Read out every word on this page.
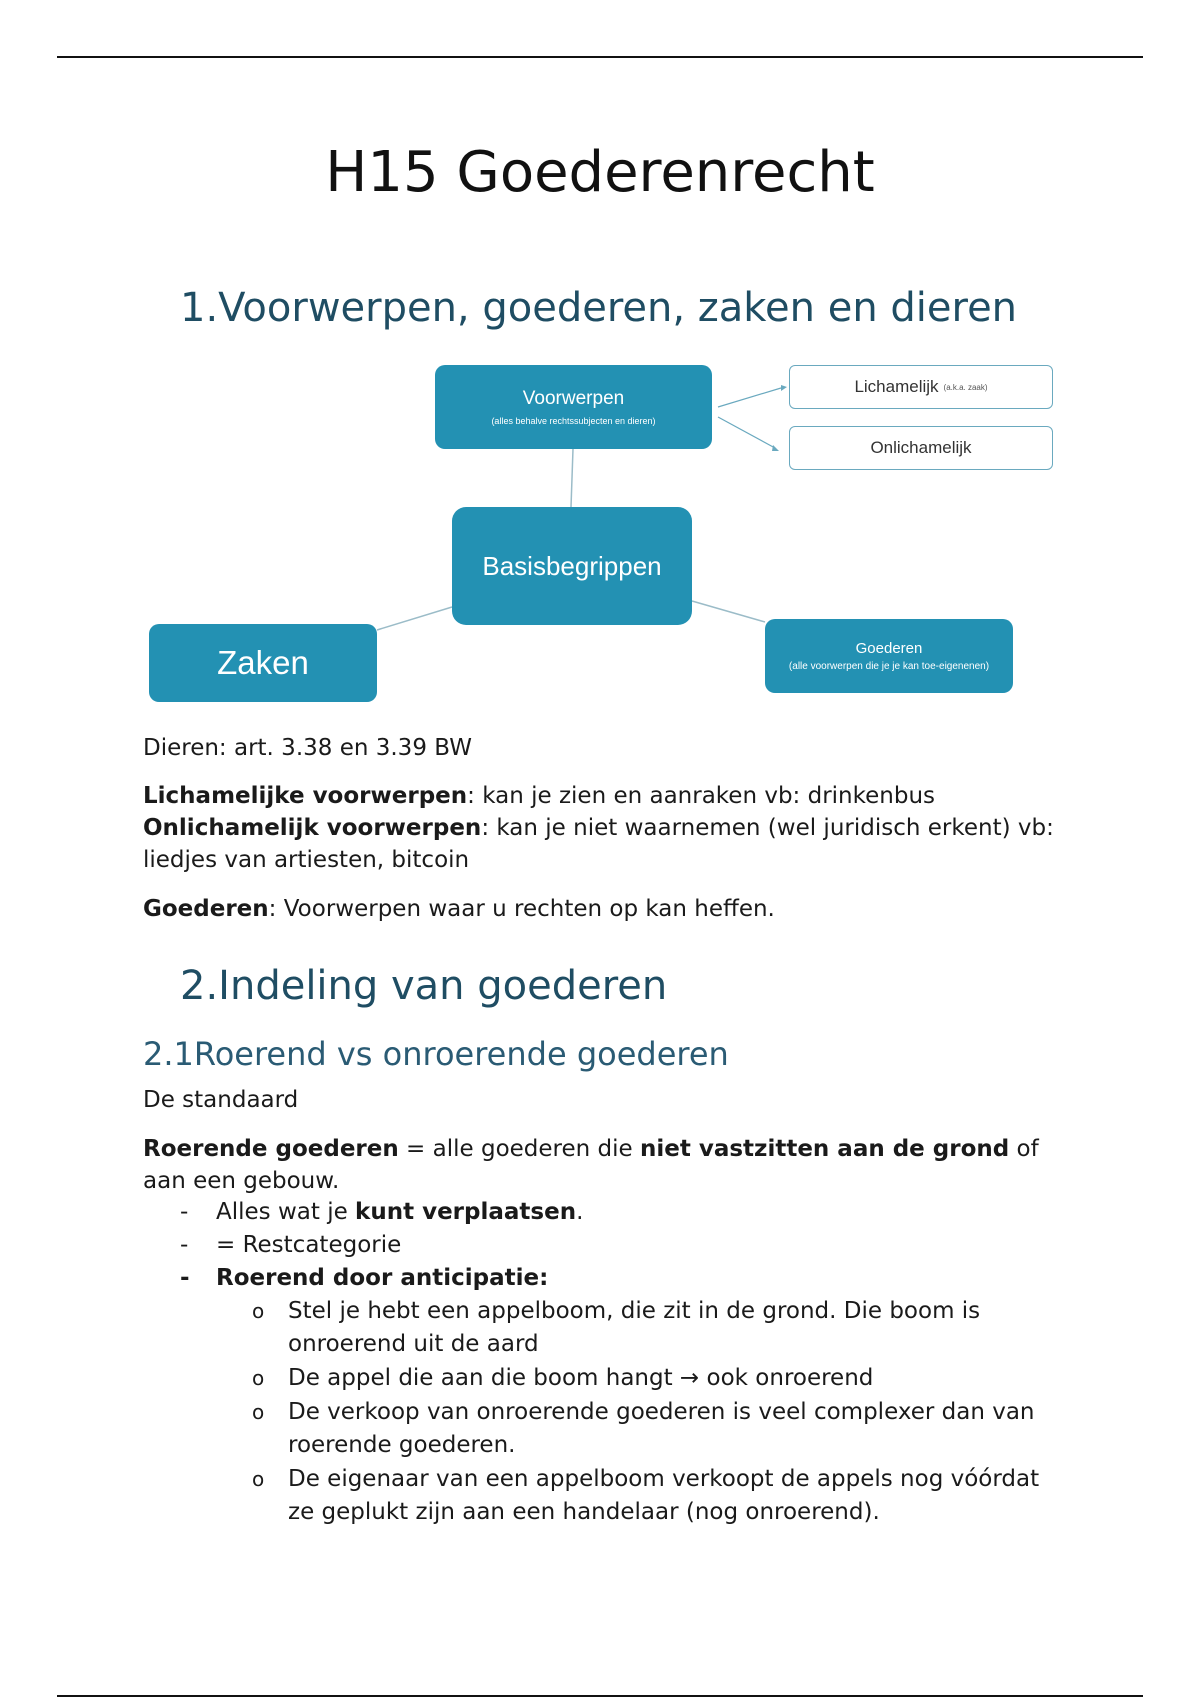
H15 Goederenrecht
1.Voorwerpen, goederen, zaken en dieren
Voorwerpen
(alles behalve rechtssubjecten en dieren)
Lichamelijk (a.k.a. zaak)
Onlichamelijk
Basisbegrippen
Zaken	Goederen
(alle voorwerpen die je je kan toe-eigenenen)

Dieren: art. 3.38 en 3.39 BW

Lichamelijke voorwerpen: kan je zien en aanraken vb: drinkenbus

Onlichamelijk voorwerpen: kan je niet waarnemen (wel juridisch erkent) vb: liedjes van artiesten, bitcoin

Goederen: Voorwerpen waar u rechten op kan heffen.

2.Indeling van goederen
2.1Roerend vs onroerende goederen

De standaard

Roerende goederen = alle goederen die niet vastzitten aan de grond of aan een gebouw.

- Alles wat je kunt verplaatsen.
- = Restcategorie
- Roerend door anticipatie:
o Stel je hebt een appelboom, die zit in de grond. Die boom is onroerend uit de aard
o De appel die aan die boom hangt → ook onroerend
o De verkoop van onroerende goederen is veel complexer dan van roerende goederen.
o De eigenaar van een appelboom verkoopt de appels nog vóórdat ze geplukt zijn aan een handelaar (nog onroerend).
